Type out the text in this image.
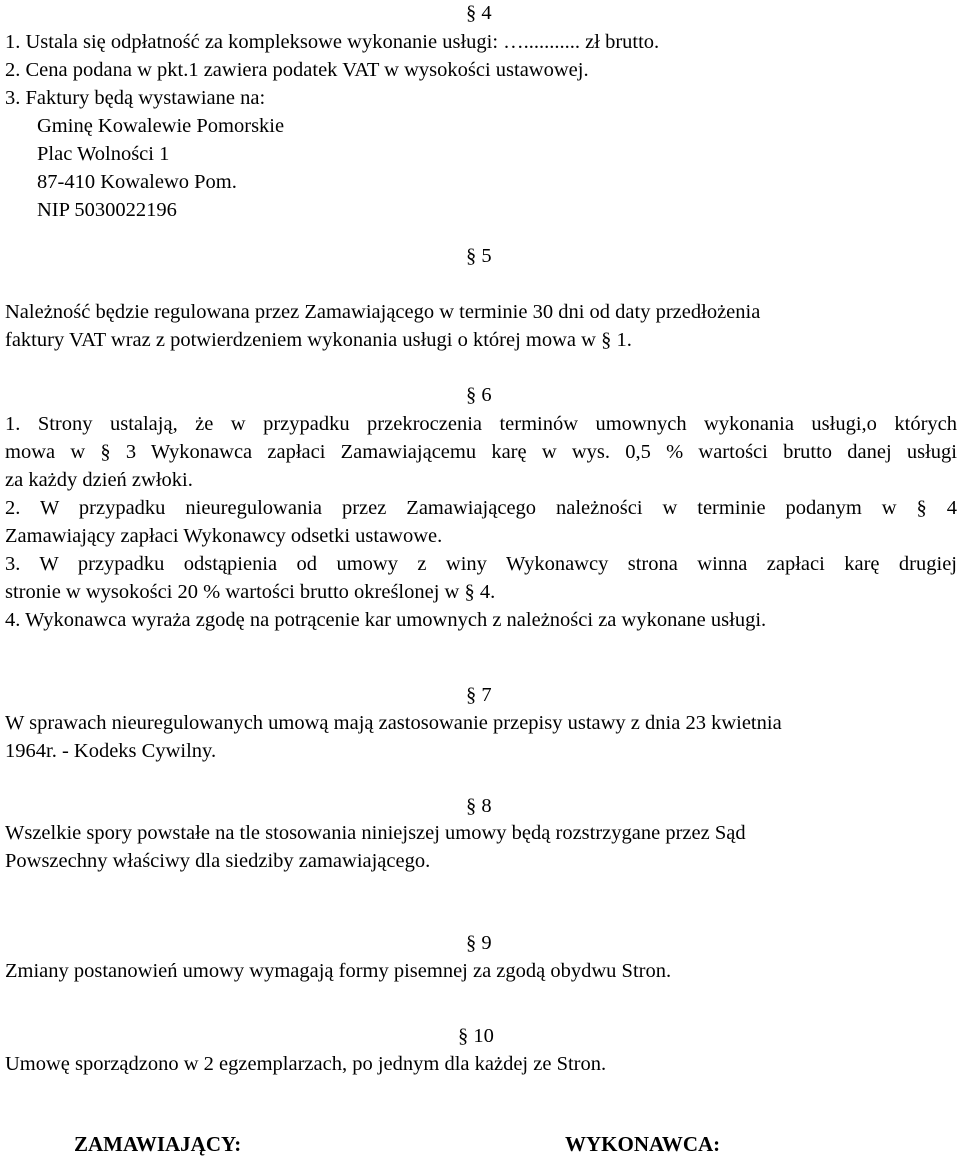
§ 4
1. Ustala się odpłatność za kompleksowe wykonanie usługi: …........... zł brutto.
2. Cena podana w pkt.1 zawiera podatek VAT w wysokości ustawowej.
3. Faktury będą wystawiane na:
Gminę Kowalewie Pomorskie
Plac Wolności 1
87-410 Kowalewo Pom.
NIP 5030022196
§ 5
Należność będzie regulowana przez Zamawiającego w terminie 30 dni od daty przedłożenia
faktury VAT wraz z potwierdzeniem wykonania usługi o której mowa w § 1.
§ 6
1. Strony ustalają, że w przypadku przekroczenia terminów umownych wykonania usługi,o których
mowa w § 3 Wykonawca zapłaci Zamawiającemu karę w wys. 0,5 % wartości brutto danej usługi
za każdy dzień zwłoki.
2. W przypadku nieuregulowania przez Zamawiającego należności w terminie podanym w § 4
Zamawiający zapłaci Wykonawcy odsetki ustawowe.
3. W przypadku odstąpienia od umowy z winy Wykonawcy strona winna zapłaci karę drugiej
stronie w wysokości 20 % wartości brutto określonej w § 4.
4. Wykonawca wyraża zgodę na potrącenie kar umownych z należności za wykonane usługi.
§ 7
W sprawach nieuregulowanych umową mają zastosowanie przepisy ustawy z dnia 23 kwietnia
1964r. - Kodeks Cywilny.
§ 8
Wszelkie spory powstałe na tle stosowania niniejszej umowy będą rozstrzygane przez Sąd
Powszechny właściwy dla siedziby zamawiającego.
§ 9
Zmiany postanowień umowy wymagają formy pisemnej za zgodą obydwu Stron.
§ 10
Umowę sporządzono w 2 egzemplarzach, po jednym dla każdej ze Stron.
ZAMAWIAJĄCY:	WYKONAWCA:
